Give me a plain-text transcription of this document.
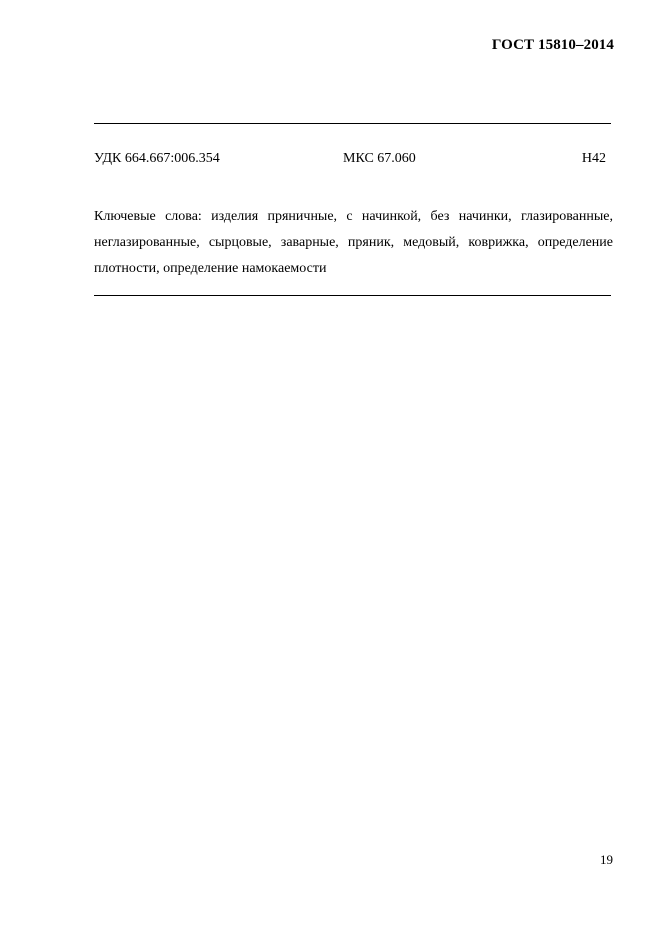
ГОСТ 15810–2014
УДК 664.667:006.354	МКС 67.060	Н42
Ключевые слова: изделия пряничные, с начинкой, без начинки, глазированные, неглазированные, сырцовые, заварные, пряник, медовый, коврижка, определение плотности, определение намокаемости
19
